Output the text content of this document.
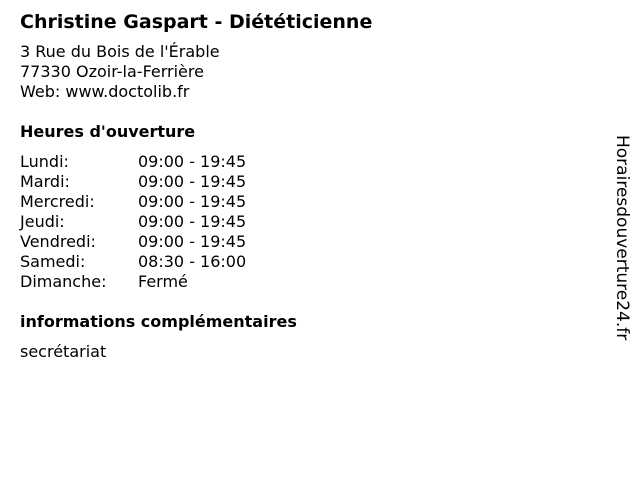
Christine Gaspart - Diététicienne
3 Rue du Bois de l'Érable
77330 Ozoir-la-Ferrière
Web: www.doctolib.fr
Heures d'ouverture
Lundi:	09:00 - 19:45
Mardi:	09:00 - 19:45
Mercredi:	09:00 - 19:45
Jeudi:	09:00 - 19:45
Vendredi:	09:00 - 19:45
Samedi:	08:30 - 16:00
Dimanche:	Fermé
informations complémentaires
secrétariat
Horairesdouverture24.fr
